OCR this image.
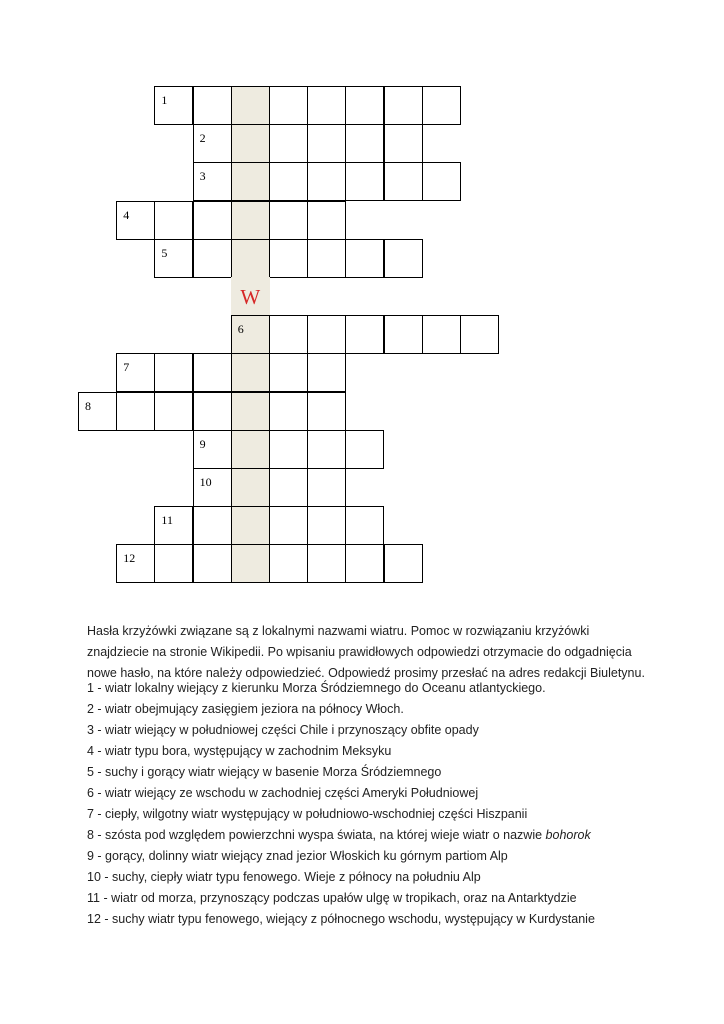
1
2
3
4
5
W
6
7
8
9
10
11
12

Hasła krzyżówki związane są z lokalnymi nazwami wiatru. Pomoc w rozwiązaniu krzyżówki znajdziecie na stronie Wikipedii. Po wpisaniu prawidłowych odpowiedzi otrzymacie do odgadnięcia nowe hasło, na które należy odpowiedzieć. Odpowiedź prosimy przesłać na adres redakcji Biuletynu.

1 - wiatr lokalny wiejący z kierunku Morza Śródziemnego do Oceanu atlantyckiego.
2 - wiatr obejmujący zasięgiem jeziora na północy Włoch.
3 - wiatr wiejący w południowej części Chile i przynoszący obfite opady
4 - wiatr typu bora, występujący w zachodnim Meksyku
5 - suchy i gorący wiatr wiejący w basenie Morza Śródziemnego
6 - wiatr wiejący ze wschodu w zachodniej części Ameryki Południowej
7 - ciepły, wilgotny wiatr występujący w południowo-wschodniej części Hiszpanii
8 - szósta pod względem powierzchni wyspa świata, na której wieje wiatr o nazwie bohorok
9 - gorący, dolinny wiatr wiejący znad jezior Włoskich ku górnym partiom Alp
10 - suchy, ciepły wiatr typu fenowego. Wieje z północy na południu Alp
11 - wiatr od morza, przynoszący podczas upałów ulgę w tropikach, oraz na Antarktydzie
12 - suchy wiatr typu fenowego, wiejący z północnego wschodu, występujący w Kurdystanie
